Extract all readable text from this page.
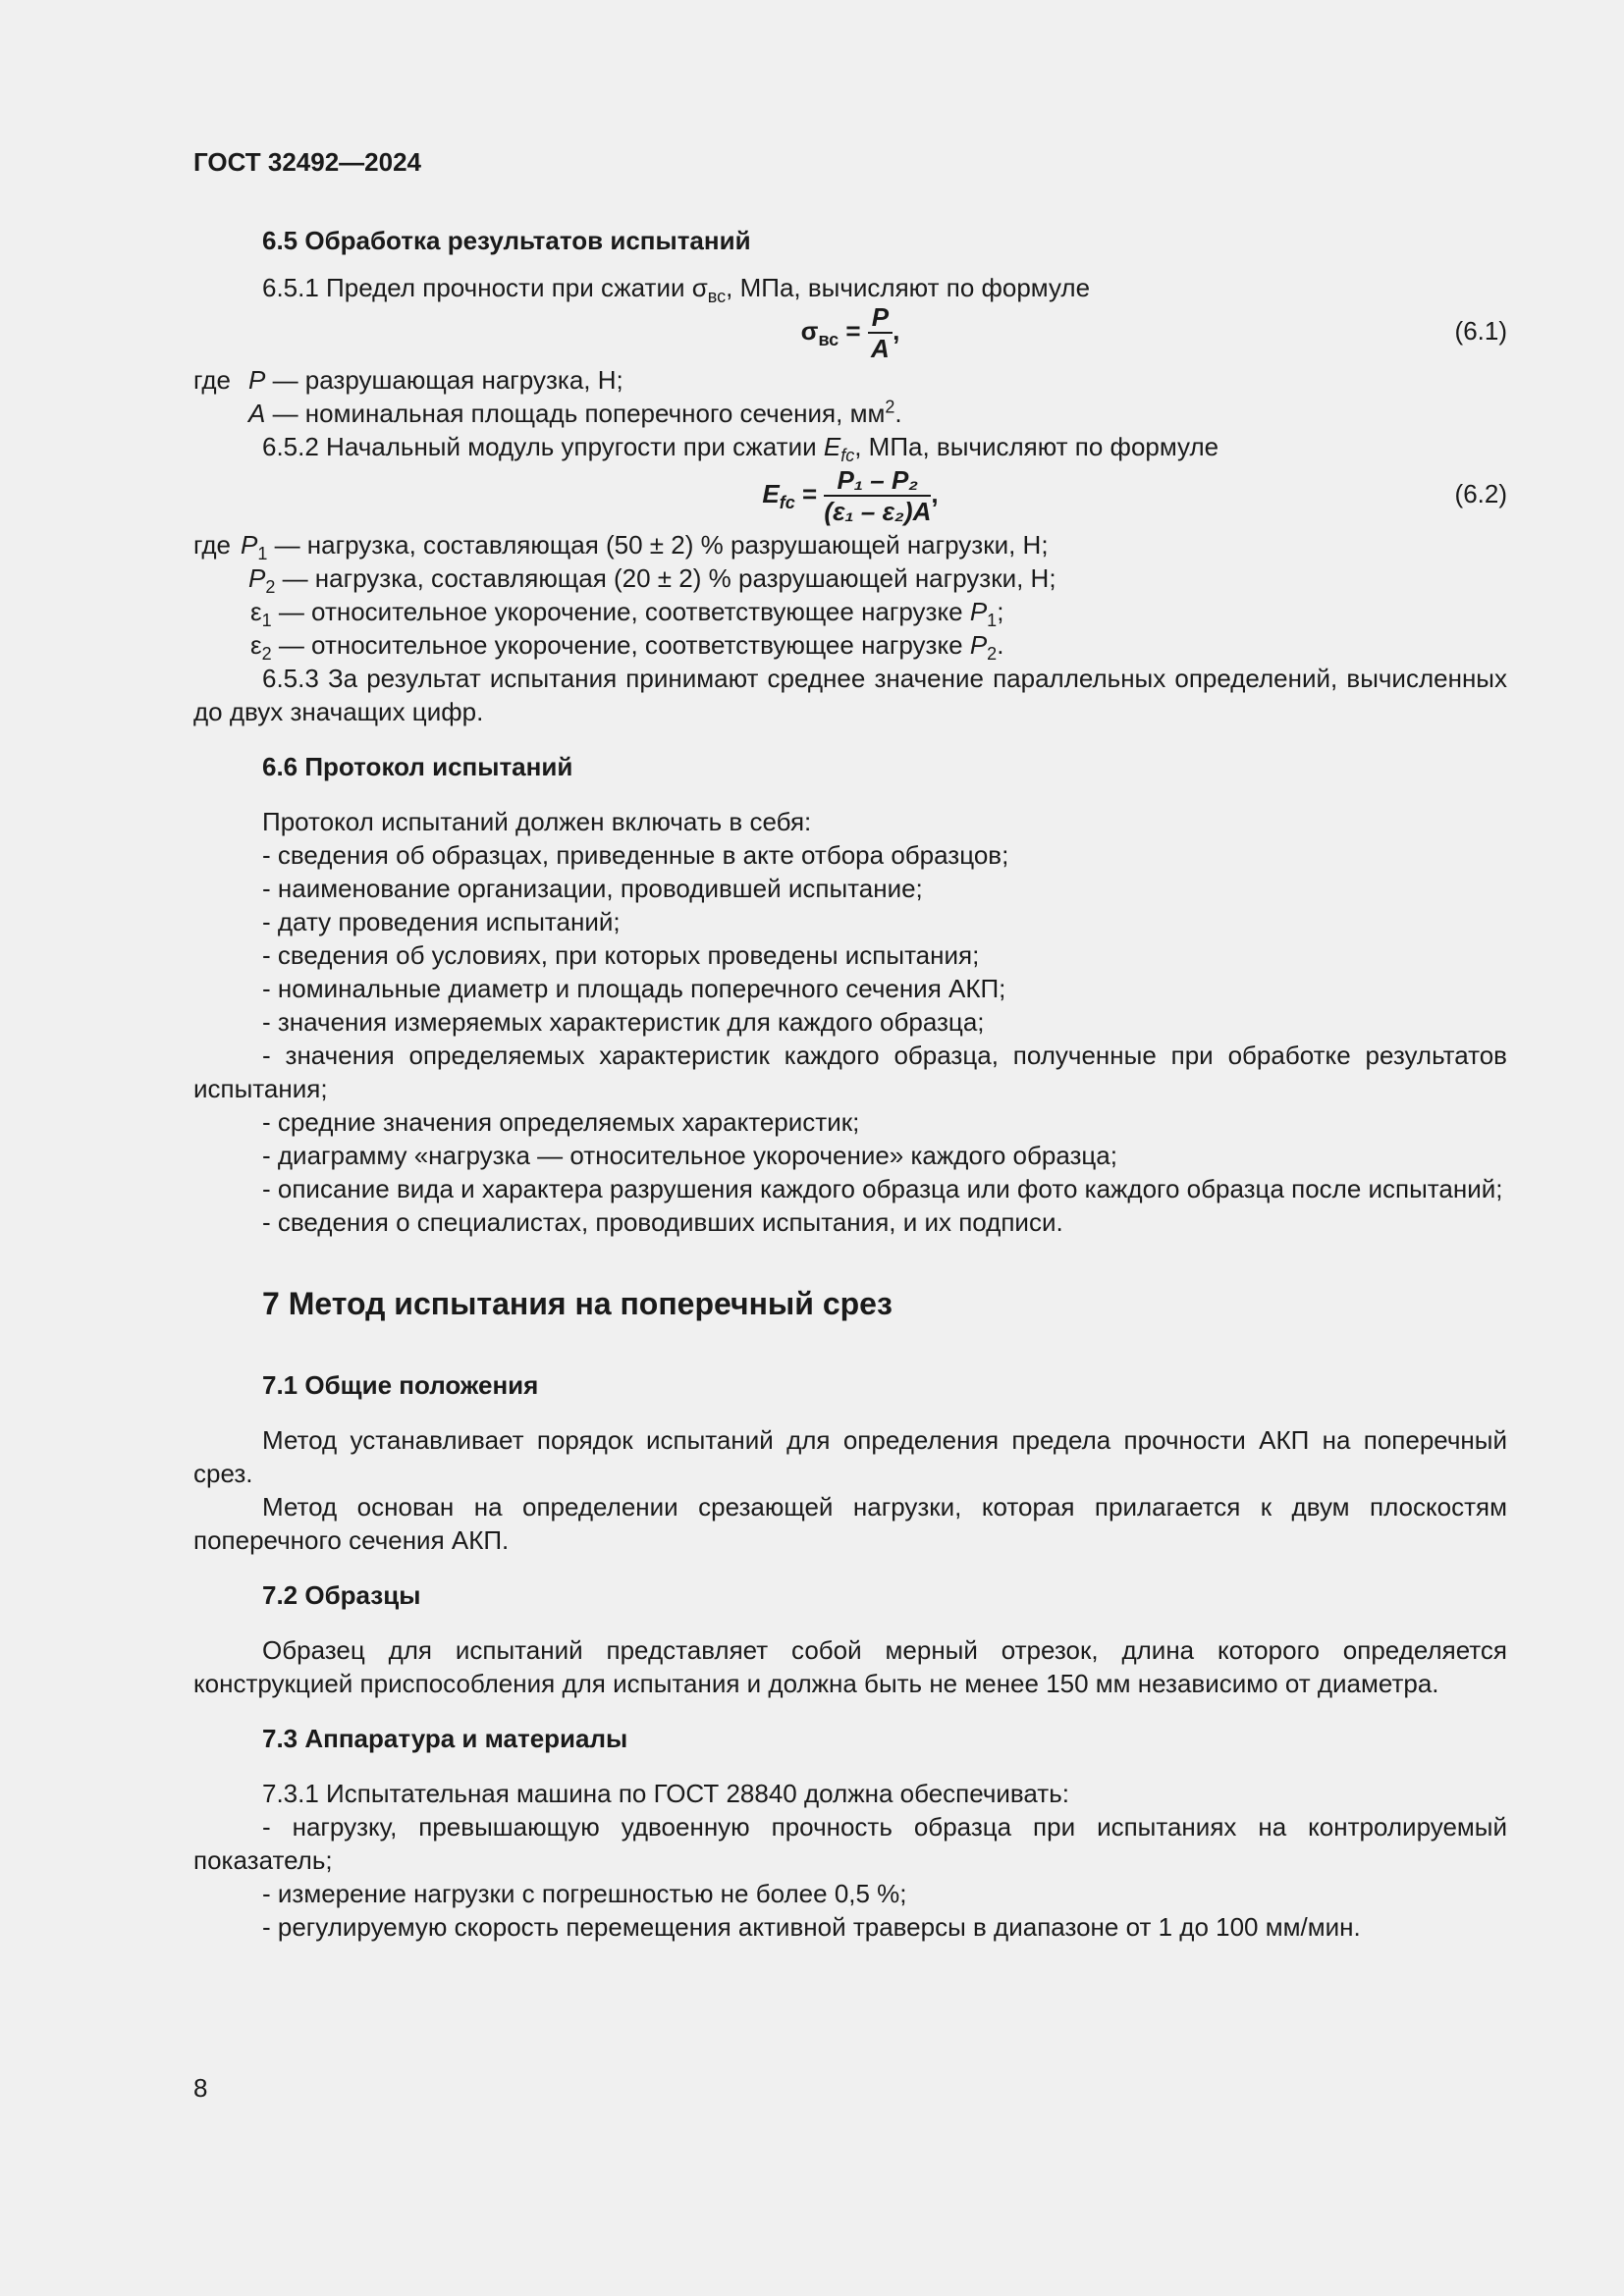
ГОСТ 32492—2024

6.5 Обработка результатов испытаний

6.5.1 Предел прочности при сжатии $\sigma_{вс}$, МПа, вычисляют по формуле

$\sigma_{вс} = \frac{P}{A}$ ,	(6.1)
где P — разрушающая нагрузка, Н;
A — номинальная площадь поперечного сечения, $мм^2$.

6.5.2 Начальный модуль упругости при сжатии $E_{fc}$, МПа, вычисляют по формуле

$E_{fc} = \frac{\text{P₁ – P₂}}{\text{(ε₁ – ε₂)A}}$ ,	(6.2)
где $P_1$ — нагрузка, составляющая (50 ± 2) % разрушающей нагрузки, Н;
$P_2$ — нагрузка, составляющая (20 ± 2) % разрушающей нагрузки, Н;
$\varepsilon_1$ — относительное укорочение, соответствующее нагрузке $P_1$;
$\varepsilon_2$ — относительное укорочение, соответствующее нагрузке $P_2$.

6.5.3 За результат испытания принимают среднее значение параллельных определений, вычисленных до двух значащих цифр.

6.6 Протокол испытаний

Протокол испытаний должен включать в себя:

- сведения об образцах, приведенные в акте отбора образцов;

- наименование организации, проводившей испытание;

- дату проведения испытаний;

- сведения об условиях, при которых проведены испытания;

- номинальные диаметр и площадь поперечного сечения АКП;

- значения измеряемых характеристик для каждого образца;

- значения определяемых характеристик каждого образца, полученные при обработке результатов испытания;

- средние значения определяемых характеристик;

- диаграмму «нагрузка — относительное укорочение» каждого образца;

- описание вида и характера разрушения каждого образца или фото каждого образца после испытаний;

- сведения о специалистах, проводивших испытания, и их подписи.

7 Метод испытания на поперечный срез

7.1 Общие положения

Метод устанавливает порядок испытаний для определения предела прочности АКП на поперечный срез.

Метод основан на определении срезающей нагрузки, которая прилагается к двум плоскостям поперечного сечения АКП.

7.2 Образцы

Образец для испытаний представляет собой мерный отрезок, длина которого определяется конструкцией приспособления для испытания и должна быть не менее 150 мм независимо от диаметра.

7.3 Аппаратура и материалы

7.3.1 Испытательная машина по ГОСТ 28840 должна обеспечивать:

- нагрузку, превышающую удвоенную прочность образца при испытаниях на контролируемый показатель;

- измерение нагрузки с погрешностью не более 0,5 %;

- регулируемую скорость перемещения активной траверсы в диапазоне от 1 до 100 мм/мин.

8
